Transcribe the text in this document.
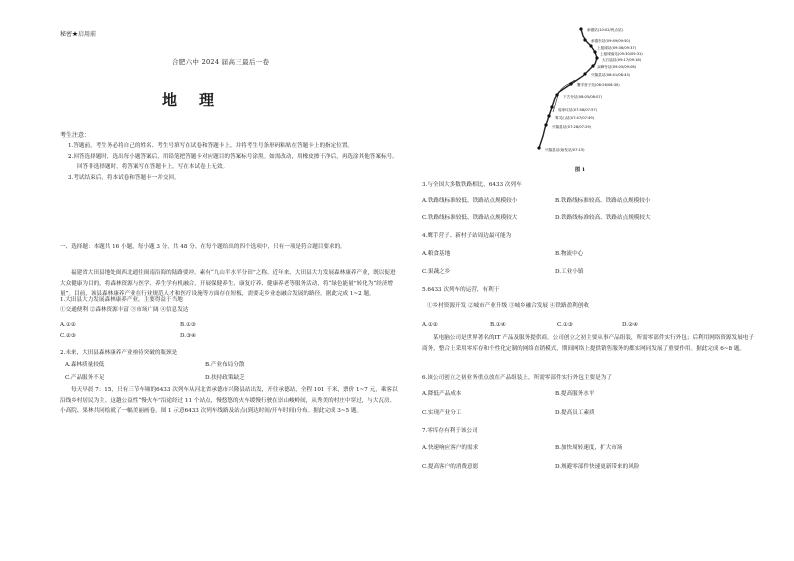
秘密★启用前
合肥六中 2024 届高三最后一卷
地理
考生注意：
1.答题前，考生务必将自己的姓名、考生号填写在试卷和答题卡上，并将考生号条形码粘贴在答题卡上的指定位置。
2.回答选择题时，选出每小题答案后，用铅笔把答题卡对应题目的答案标号涂黑。如需改动，用橡皮擦干净后，再选涂其他答案标号。回答非选择题时，将答案写在答题卡上，写在本试卷上无效。
3.考试结束后，将本试卷和答题卡一并交回。
一、选择题：本题共 16 小题，每小题 3 分，共 48 分。在每个题给出的四个选项中，只有一项是符合题目要求的。
福建省大田县地处闽西北通往闽南沿海的陆路要冲，素有“九山半水半分田”之称。近年来，大田县大力发展森林康养产业，既以促进大众健康为目的，将森林资源与医学、养生学有机融合，开展保健养生、康复疗养、健康养老等服务活动，将“绿色能量”转化为“经济增量”。目前，该县森林康养产业在行业规范人才和医疗设施等方面存在短板，需要走乡业态融合发展的路径。据此完成 1~2 题。
1.大田县大力发展森林康养产业，主要得益于当地
①交通便利 ②森林资源丰富 ③市场广阔 ④信息发达
A.①②	B.①③
C.②③	D.③④
2.未来，大田县森林康养产业亟待突破的瓶颈是
A.森林质量较低	B.产业布局分散
C.产品服务不足	D.扶持政策缺乏
每天早晨 7：15，只有三节车厢的6433 次列车从河北省承德市兴隆县站出发，开往承德站，全程 101 千米，票价 1~7 元，乘客以沿线乡村居民为主。这趟公益性“慢火车”沿途经过 11 个站点，慢悠悠的火车缓慢行驶在崇山峻岭间，从秀美的村庄中穿过，与大瓦房、小高院、果林共同绘就了一幅美丽画卷。图 1 示意6433 次列车线路及站点(到达时间/开车时间)分布。据此完成 3~5 题。
承德站(10:02/终点站)
承德东站(09:49/09:50)
上板城站(09:36/09:37)
上板城南站(09:30/09:31)
大石庙站(09:17/09:18)
双峰寺站(09:05/09:06)
兴隆县站(08:41/08:43)
鹰手营子站(08:26/08:30)
下古寺站(08:05/08:07)
周家坟站(07:56/07:57)
雾灵山站(07:47/07:49)
兴隆县站(07:28/07:29)
兴隆县站(始发站/07:15)
图 1
3.与全国大多数铁路相比，6433 次列车
A.铁路线标准较低、铁路站点规模较小	B.铁路线标准较高、铁路站点规模较小
C.铁路线标准较低、铁路站点规模较大	D.铁路线标准较高、铁路站点规模较大
4.鹰手营子、新村子站周边最可能为
A.粮食基地	B.物流中心
C.果蔬之乡	D.工业小镇
5.6433 次列车的运营，有利于
①乡村资源开发 ②城市产业升级 ③城乡融合发展 ④铁路盈利创收
A.①②	B.①④	C.①③	D.②④
某电脑公司是世界著名的IT 产品及服务提供商。公司创立之初主要从事产品组装，所需零部件实行外包；后利用网络资源发展电子商务，整合上采用零库存和个性化定制的网络直销模式，期间网络上提供销售服务的都实网同发展了重要作用。据此完成 6~8 题。
6.该公司创立之初业务重点放在产品组装上，所需零部件实行外包主要是为了
A.降低产品成本	B.提高服务水平
C.实现产业分工	D.提高员工素质
7.零库存有利于该公司
A.快速响应客户的需求	B.加快周转速度，扩大市场
C.提高客户的消费意愿	D.规避零部件快速更新带来的风险
